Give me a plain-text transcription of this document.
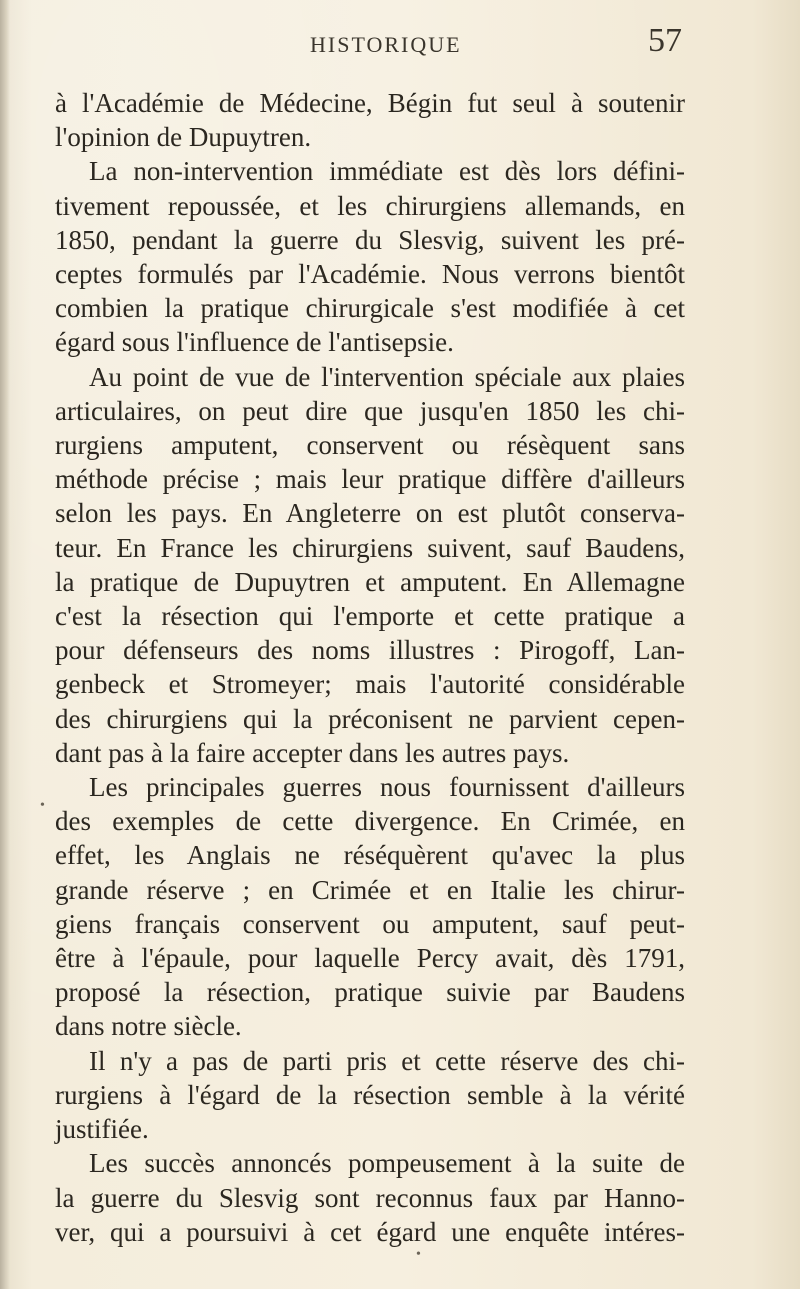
HISTORIQUE	57
à l'Académie de Médecine, Bégin fut seul à soutenir
l'opinion de Dupuytren.
La non-intervention immédiate est dès lors défini-
tivement repoussée, et les chirurgiens allemands, en
1850, pendant la guerre du Slesvig, suivent les pré-
ceptes formulés par l'Académie. Nous verrons bientôt
combien la pratique chirurgicale s'est modifiée à cet
égard sous l'influence de l'antisepsie.
Au point de vue de l'intervention spéciale aux plaies
articulaires, on peut dire que jusqu'en 1850 les chi-
rurgiens amputent, conservent ou résèquent sans
méthode précise ; mais leur pratique diffère d'ailleurs
selon les pays. En Angleterre on est plutôt conserva-
teur. En France les chirurgiens suivent, sauf Baudens,
la pratique de Dupuytren et amputent. En Allemagne
c'est la résection qui l'emporte et cette pratique a
pour défenseurs des noms illustres : Pirogoff, Lan-
genbeck et Stromeyer; mais l'autorité considérable
des chirurgiens qui la préconisent ne parvient cepen-
dant pas à la faire accepter dans les autres pays.
Les principales guerres nous fournissent d'ailleurs
des exemples de cette divergence. En Crimée, en
effet, les Anglais ne réséquèrent qu'avec la plus
grande réserve ; en Crimée et en Italie les chirur-
giens français conservent ou amputent, sauf peut-
être à l'épaule, pour laquelle Percy avait, dès 1791,
proposé la résection, pratique suivie par Baudens
dans notre siècle.
Il n'y a pas de parti pris et cette réserve des chi-
rurgiens à l'égard de la résection semble à la vérité
justifiée.
Les succès annoncés pompeusement à la suite de
la guerre du Slesvig sont reconnus faux par Hanno-
ver, qui a poursuivi à cet égard une enquête intéres-
•
•
